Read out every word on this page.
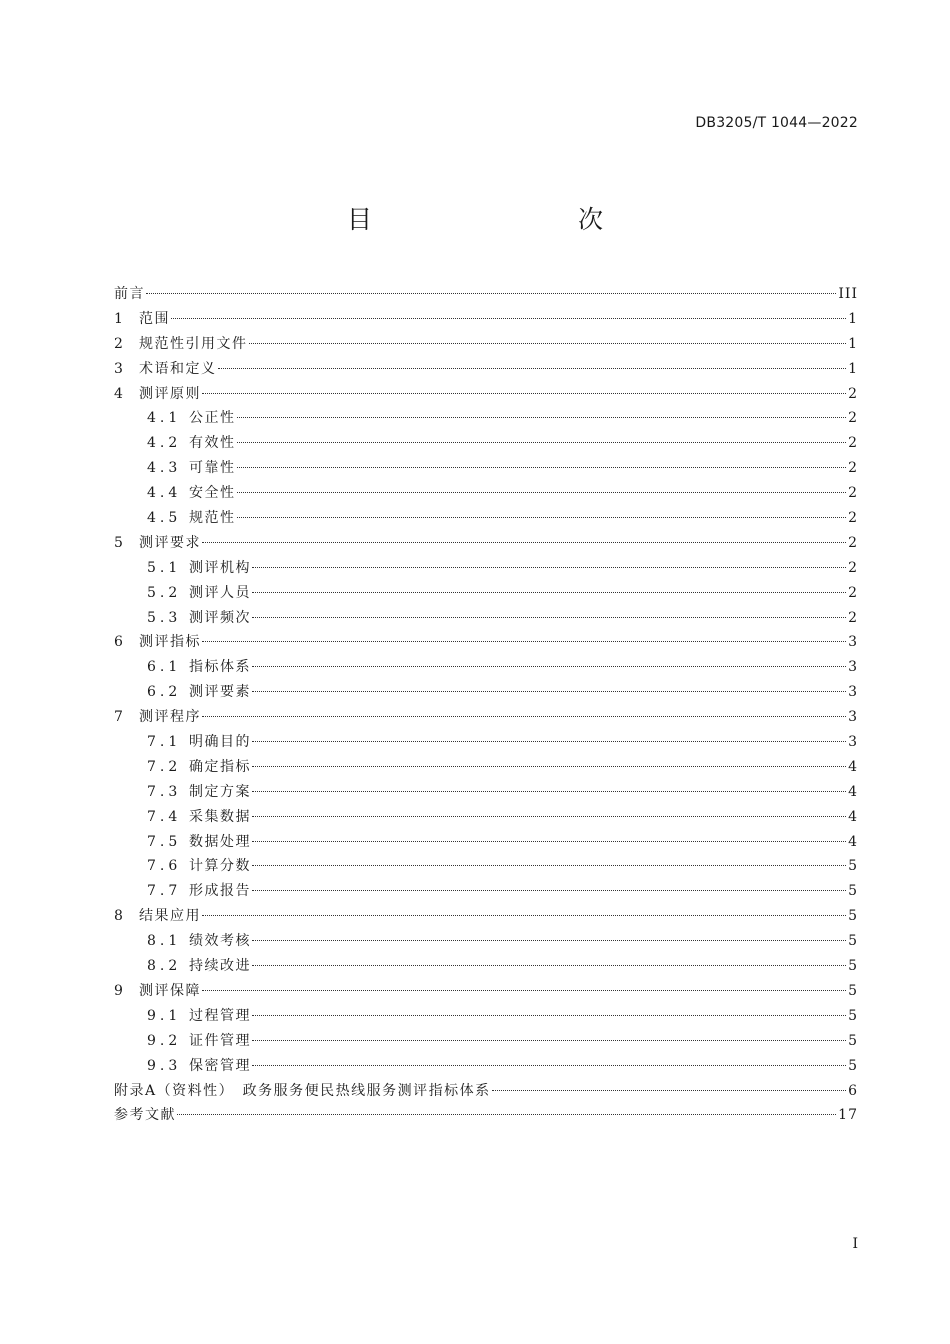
DB3205/T 1044—2022
目　　次
前言	III
1	范围	1
2	规范性引用文件	1
3	术语和定义	1
4	测评原则	2
4.1 公正性	2
4.2 有效性	2
4.3 可靠性	2
4.4 安全性	2
4.5 规范性	2
5	测评要求	2
5.1 测评机构	2
5.2 测评人员	2
5.3 测评频次	2
6	测评指标	3
6.1 指标体系	3
6.2 测评要素	3
7	测评程序	3
7.1 明确目的	3
7.2 确定指标	4
7.3 制定方案	4
7.4 采集数据	4
7.5 数据处理	4
7.6 计算分数	5
7.7 形成报告	5
8	结果应用	5
8.1 绩效考核	5
8.2 持续改进	5
9	测评保障	5
9.1 过程管理	5
9.2 证件管理	5
9.3 保密管理	5
附录A（资料性）　政务服务便民热线服务测评指标体系	6
参考文献	17
I
